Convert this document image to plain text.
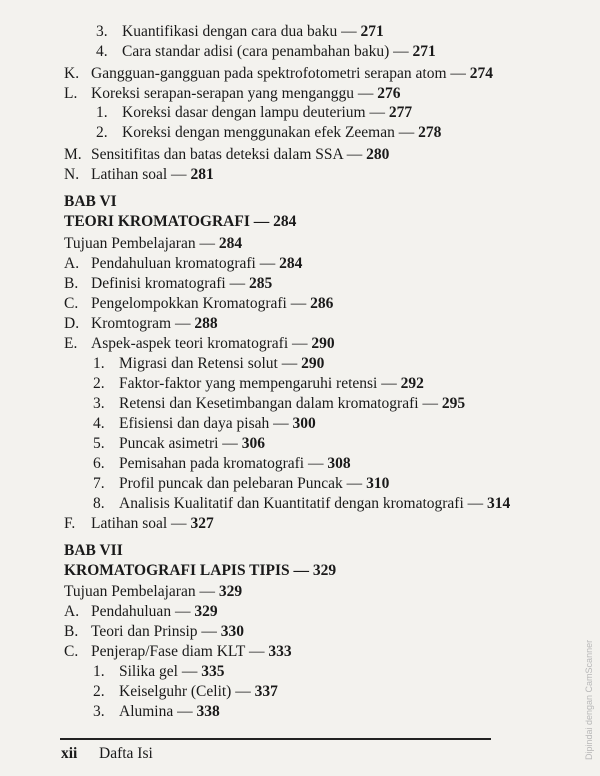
3. Kuantifikasi dengan cara dua baku — 271
4. Cara standar adisi (cara penambahan baku) — 271
K. Gangguan-gangguan pada spektrofotometri serapan atom — 274
L. Koreksi serapan-serapan yang menganggu — 276
1. Koreksi dasar dengan lampu deuterium — 277
2. Koreksi dengan menggunakan efek Zeeman — 278
M. Sensitifitas dan batas deteksi dalam SSA — 280
N. Latihan soal — 281
BAB VI
TEORI KROMATOGRAFI — 284
Tujuan Pembelajaran — 284
A. Pendahuluan kromatografi — 284
B. Definisi kromatografi — 285
C. Pengelompokkan Kromatografi — 286
D. Kromtogram — 288
E. Aspek-aspek teori kromatografi — 290
1. Migrasi dan Retensi solut — 290
2. Faktor-faktor yang mempengaruhi retensi — 292
3. Retensi dan Kesetimbangan dalam kromatografi — 295
4. Efisiensi dan daya pisah — 300
5. Puncak asimetri — 306
6. Pemisahan pada kromatografi — 308
7. Profil puncak dan pelebaran Puncak — 310
8. Analisis Kualitatif dan Kuantitatif dengan kromatografi — 314
F. Latihan soal — 327
BAB VII
KROMATOGRAFI LAPIS TIPIS — 329
Tujuan Pembelajaran — 329
A. Pendahuluan — 329
B. Teori dan Prinsip — 330
C. Penjerap/Fase diam KLT — 333
1. Silika gel — 335
2. Keiselguhr (Celit) — 337
3. Alumina — 338
xii Dafta Isi	Dipindai dengan CamScanner
